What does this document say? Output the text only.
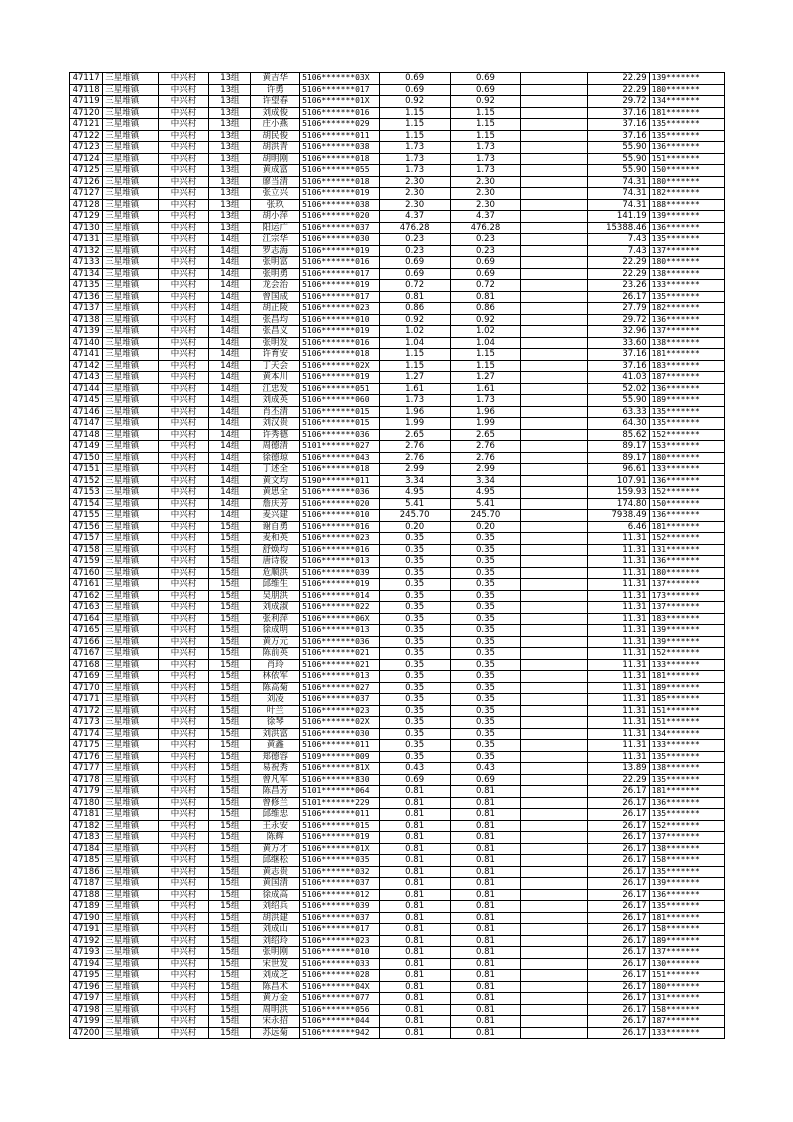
47117	三星堆镇	中兴村	13组	黄吉华	5106*******03X	0.69	0.69		22.29	139*******
47118	三星堆镇	中兴村	13组	许勇	5106*******017	0.69	0.69		22.29	180*******
47119	三星堆镇	中兴村	13组	许望春	5106*******01X	0.92	0.92		29.72	134*******
47120	三星堆镇	中兴村	13组	刘成俊	5106*******016	1.15	1.15		37.16	181*******
47121	三星堆镇	中兴村	13组	庄小燕	5106*******029	1.15	1.15		37.16	135*******
47122	三星堆镇	中兴村	13组	胡民俊	5106*******011	1.15	1.15		37.16	135*******
47123	三星堆镇	中兴村	13组	胡洪青	5106*******038	1.73	1.73		55.90	136*******
47124	三星堆镇	中兴村	13组	胡明刚	5106*******018	1.73	1.73		55.90	151*******
47125	三星堆镇	中兴村	13组	黄成富	5106*******055	1.73	1.73		55.90	150*******
47126	三星堆镇	中兴村	13组	廖当清	5106*******018	2.30	2.30		74.31	180*******
47127	三星堆镇	中兴村	13组	张立兴	5106*******019	2.30	2.30		74.31	182*******
47128	三星堆镇	中兴村	13组	张玖	5106*******038	2.30	2.30		74.31	188*******
47129	三星堆镇	中兴村	13组	胡小萍	5106*******020	4.37	4.37		141.19	139*******
47130	三星堆镇	中兴村	13组	阳运广	5106*******037	476.28	476.28		15388.46	136*******
47131	三星堆镇	中兴村	14组	江宗华	5106*******030	0.23	0.23		7.43	135*******
47132	三星堆镇	中兴村	14组	罗志海	5106*******019	0.23	0.23		7.43	137*******
47133	三星堆镇	中兴村	14组	张明富	5106*******016	0.69	0.69		22.29	180*******
47134	三星堆镇	中兴村	14组	张明勇	5106*******017	0.69	0.69		22.29	138*******
47135	三星堆镇	中兴村	14组	龙会治	5106*******019	0.72	0.72		23.26	133*******
47136	三星堆镇	中兴村	14组	曾国成	5106*******017	0.81	0.81		26.17	135*******
47137	三星堆镇	中兴村	14组	胡正陵	5106*******023	0.86	0.86		27.79	182*******
47138	三星堆镇	中兴村	14组	张昌均	5106*******010	0.92	0.92		29.72	136*******
47139	三星堆镇	中兴村	14组	张昌义	5106*******019	1.02	1.02		32.96	137*******
47140	三星堆镇	中兴村	14组	张明发	5106*******016	1.04	1.04		33.60	138*******
47141	三星堆镇	中兴村	14组	许育安	5106*******018	1.15	1.15		37.16	181*******
47142	三星堆镇	中兴村	14组	丁天会	5106*******02X	1.15	1.15		37.16	183*******
47143	三星堆镇	中兴村	14组	黄本川	5106*******019	1.27	1.27		41.03	187*******
47144	三星堆镇	中兴村	14组	江忠发	5106*******051	1.61	1.61		52.02	136*******
47145	三星堆镇	中兴村	14组	刘成英	5106*******060	1.73	1.73		55.90	189*******
47146	三星堆镇	中兴村	14组	肖丕清	5106*******015	1.96	1.96		63.33	135*******
47147	三星堆镇	中兴村	14组	刘汉贵	5106*******015	1.99	1.99		64.30	135*******
47148	三星堆镇	中兴村	14组	许秀德	5106*******036	2.65	2.65		85.62	152*******
47149	三星堆镇	中兴村	14组	周德清	5101*******027	2.76	2.76		89.17	153*******
47150	三星堆镇	中兴村	14组	徐德琼	5106*******043	2.76	2.76		89.17	180*******
47151	三星堆镇	中兴村	14组	丁述全	5106*******018	2.99	2.99		96.61	133*******
47152	三星堆镇	中兴村	14组	黄文均	5190*******011	3.34	3.34		107.91	136*******
47153	三星堆镇	中兴村	14组	黄思全	5106*******036	4.95	4.95		159.93	152*******
47154	三星堆镇	中兴村	14组	詹庆芳	5106*******020	5.41	5.41		174.80	150*******
47155	三星堆镇	中兴村	14组	麦兴建	5106*******010	245.70	245.70		7938.49	136*******
47156	三星堆镇	中兴村	15组	谢自勇	5106*******016	0.20	0.20		6.46	181*******
47157	三星堆镇	中兴村	15组	麦和英	5106*******023	0.35	0.35		11.31	152*******
47158	三星堆镇	中兴村	15组	舒焕均	5106*******016	0.35	0.35		11.31	131*******
47159	三星堆镇	中兴村	15组	唐诗俊	5106*******013	0.35	0.35		11.31	136*******
47160	三星堆镇	中兴村	15组	危顺洪	5106*******039	0.35	0.35		11.31	180*******
47161	三星堆镇	中兴村	15组	邱维生	5106*******019	0.35	0.35		11.31	137*******
47162	三星堆镇	中兴村	15组	吴朋洪	5106*******014	0.35	0.35		11.31	173*******
47163	三星堆镇	中兴村	15组	刘成淑	5106*******022	0.35	0.35		11.31	137*******
47164	三星堆镇	中兴村	15组	张利萍	5106*******06X	0.35	0.35		11.31	183*******
47165	三星堆镇	中兴村	15组	徐成明	5106*******013	0.35	0.35		11.31	139*******
47166	三星堆镇	中兴村	15组	黄万元	5106*******036	0.35	0.35		11.31	139*******
47167	三星堆镇	中兴村	15组	陈前英	5106*******021	0.35	0.35		11.31	152*******
47168	三星堆镇	中兴村	15组	肖玲	5106*******021	0.35	0.35		11.31	133*******
47169	三星堆镇	中兴村	15组	林依军	5106*******013	0.35	0.35		11.31	181*******
47170	三星堆镇	中兴村	15组	陈高菊	5106*******027	0.35	0.35		11.31	189*******
47171	三星堆镇	中兴村	15组	刘凌	5106*******037	0.35	0.35		11.31	185*******
47172	三星堆镇	中兴村	15组	叶兰	5106*******023	0.35	0.35		11.31	151*******
47173	三星堆镇	中兴村	15组	徐琴	5106*******02X	0.35	0.35		11.31	151*******
47174	三星堆镇	中兴村	15组	刘洪富	5106*******030	0.35	0.35		11.31	134*******
47175	三星堆镇	中兴村	15组	黄鑫	5106*******011	0.35	0.35		11.31	133*******
47176	三星堆镇	中兴村	15组	郑德容	5109*******009	0.35	0.35		11.31	135*******
47177	三星堆镇	中兴村	15组	易祝秀	5106*******81X	0.43	0.43		13.89	138*******
47178	三星堆镇	中兴村	15组	曾凡军	5106*******830	0.69	0.69		22.29	135*******
47179	三星堆镇	中兴村	15组	陈昌芳	5101*******064	0.81	0.81		26.17	181*******
47180	三星堆镇	中兴村	15组	曾修兰	5101*******229	0.81	0.81		26.17	136*******
47181	三星堆镇	中兴村	15组	邱维忠	5106*******011	0.81	0.81		26.17	135*******
47182	三星堆镇	中兴村	15组	王永安	5106*******015	0.81	0.81		26.17	152*******
47183	三星堆镇	中兴村	15组	陈辉	5106*******019	0.81	0.81		26.17	137*******
47184	三星堆镇	中兴村	15组	黄万才	5106*******01X	0.81	0.81		26.17	138*******
47185	三星堆镇	中兴村	15组	邱继松	5106*******035	0.81	0.81		26.17	158*******
47186	三星堆镇	中兴村	15组	黄志贵	5106*******032	0.81	0.81		26.17	135*******
47187	三星堆镇	中兴村	15组	黄国清	5106*******037	0.81	0.81		26.17	139*******
47188	三星堆镇	中兴村	15组	徐成高	5106*******012	0.81	0.81		26.17	136*******
47189	三星堆镇	中兴村	15组	刘绍兵	5106*******039	0.81	0.81		26.17	135*******
47190	三星堆镇	中兴村	15组	胡洪建	5106*******037	0.81	0.81		26.17	181*******
47191	三星堆镇	中兴村	15组	刘成山	5106*******017	0.81	0.81		26.17	158*******
47192	三星堆镇	中兴村	15组	刘绍玲	5106*******023	0.81	0.81		26.17	189*******
47193	三星堆镇	中兴村	15组	张明刚	5106*******010	0.81	0.81		26.17	137*******
47194	三星堆镇	中兴村	15组	宋世发	5106*******033	0.81	0.81		26.17	130*******
47195	三星堆镇	中兴村	15组	刘成芝	5106*******028	0.81	0.81		26.17	151*******
47196	三星堆镇	中兴村	15组	陈昌术	5106*******04X	0.81	0.81		26.17	180*******
47197	三星堆镇	中兴村	15组	黄万金	5106*******077	0.81	0.81		26.17	131*******
47198	三星堆镇	中兴村	15组	周明洪	5106*******056	0.81	0.81		26.17	158*******
47199	三星堆镇	中兴村	15组	宋永招	5106*******044	0.81	0.81		26.17	187*******
47200	三星堆镇	中兴村	15组	苏远菊	5106*******942	0.81	0.81		26.17	133*******
